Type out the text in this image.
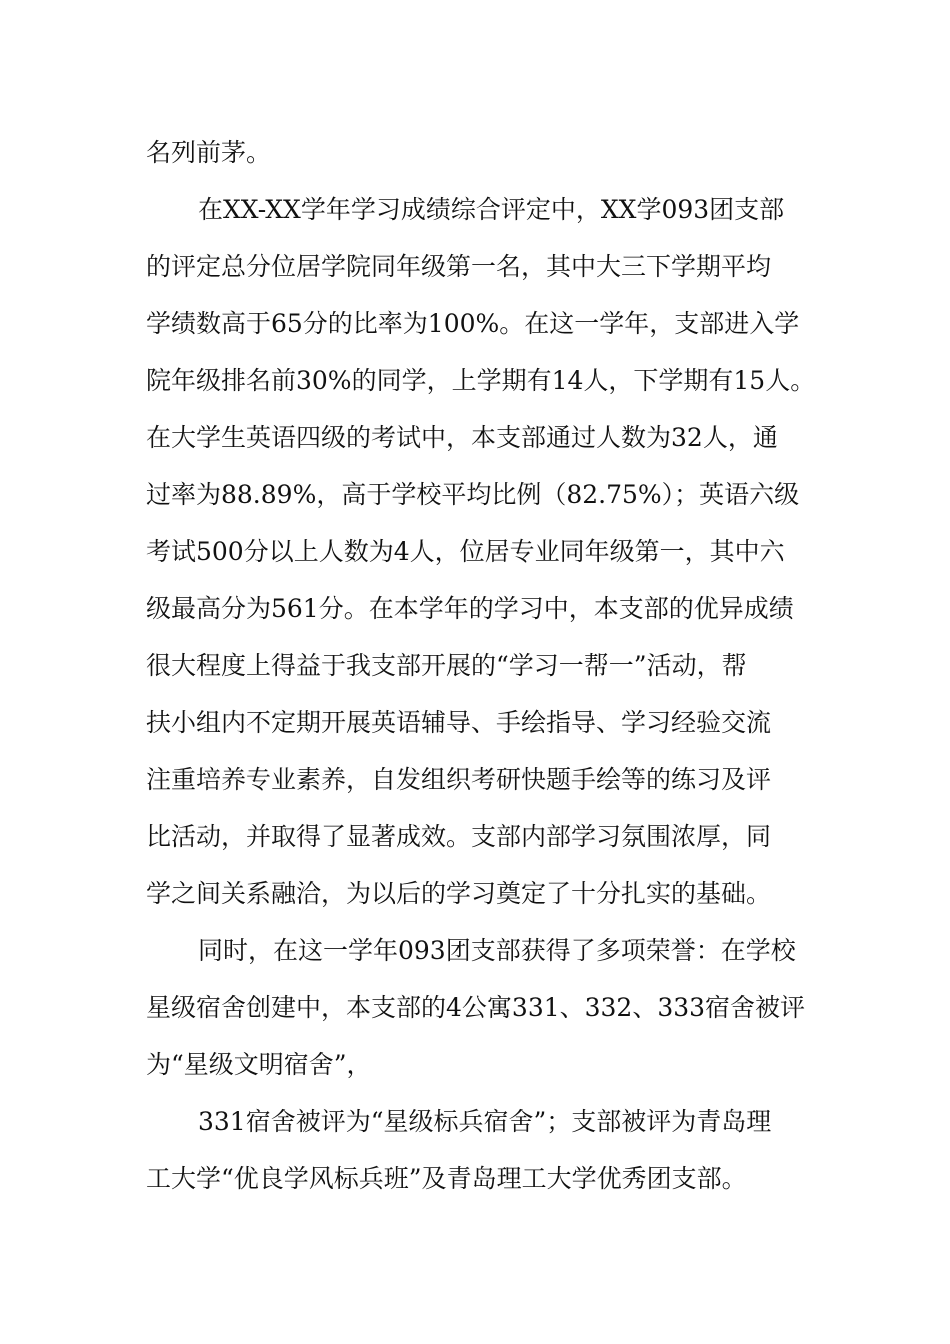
名列前茅。
在XX-XX学年学习成绩综合评定中，XX学093团支部
的评定总分位居学院同年级第一名，其中大三下学期平均
学绩数高于65分的比率为100%。在这一学年，支部进入学
院年级排名前30%的同学，上学期有14人，下学期有15人。
在大学生英语四级的考试中，本支部通过人数为32人，通
过率为88.89%，高于学校平均比例（82.75%）；英语六级
考试500分以上人数为4人，位居专业同年级第一，其中六
级最高分为561分。在本学年的学习中，本支部的优异成绩
很大程度上得益于我支部开展的“学习一帮一”活动，帮
扶小组内不定期开展英语辅导、手绘指导、学习经验交流
注重培养专业素养，自发组织考研快题手绘等的练习及评
比活动，并取得了显著成效。支部内部学习氛围浓厚，同
学之间关系融洽，为以后的学习奠定了十分扎实的基础。
同时，在这一学年093团支部获得了多项荣誉：在学校
星级宿舍创建中，本支部的4公寓331、332、333宿舍被评
为“星级文明宿舍”，
331宿舍被评为“星级标兵宿舍”；支部被评为青岛理
工大学“优良学风标兵班”及青岛理工大学优秀团支部。
